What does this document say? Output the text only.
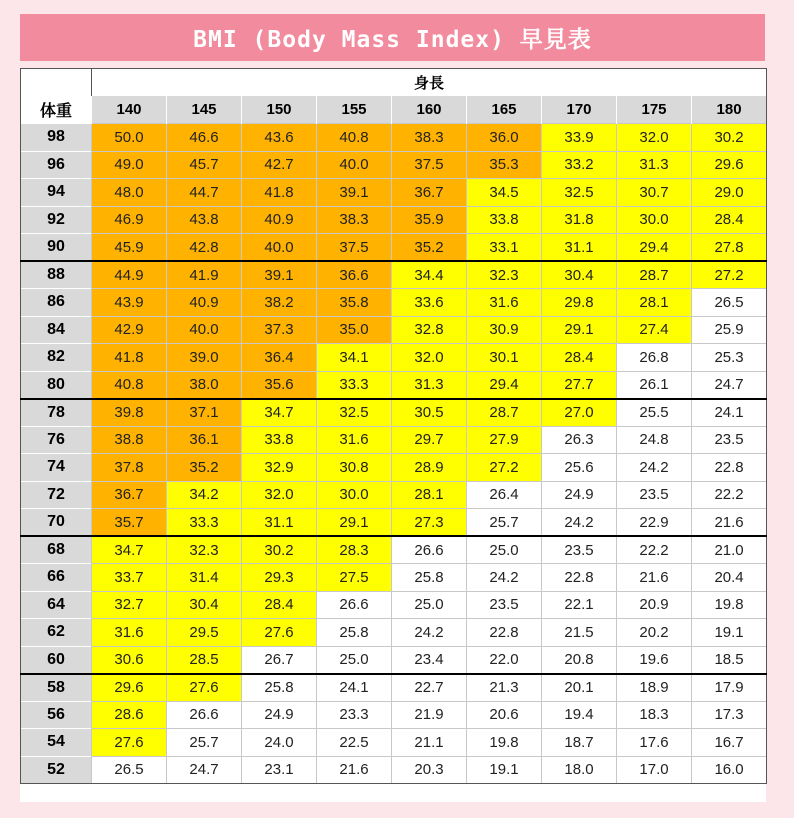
BMI (Body Mass Index) 早見表
	身長								
体重	140	145	150	155	160	165	170	175	180
98	50.0	46.6	43.6	40.8	38.3	36.0	33.9	32.0	30.2
96	49.0	45.7	42.7	40.0	37.5	35.3	33.2	31.3	29.6
94	48.0	44.7	41.8	39.1	36.7	34.5	32.5	30.7	29.0
92	46.9	43.8	40.9	38.3	35.9	33.8	31.8	30.0	28.4
90	45.9	42.8	40.0	37.5	35.2	33.1	31.1	29.4	27.8
88	44.9	41.9	39.1	36.6	34.4	32.3	30.4	28.7	27.2
86	43.9	40.9	38.2	35.8	33.6	31.6	29.8	28.1	26.5
84	42.9	40.0	37.3	35.0	32.8	30.9	29.1	27.4	25.9
82	41.8	39.0	36.4	34.1	32.0	30.1	28.4	26.8	25.3
80	40.8	38.0	35.6	33.3	31.3	29.4	27.7	26.1	24.7
78	39.8	37.1	34.7	32.5	30.5	28.7	27.0	25.5	24.1
76	38.8	36.1	33.8	31.6	29.7	27.9	26.3	24.8	23.5
74	37.8	35.2	32.9	30.8	28.9	27.2	25.6	24.2	22.8
72	36.7	34.2	32.0	30.0	28.1	26.4	24.9	23.5	22.2
70	35.7	33.3	31.1	29.1	27.3	25.7	24.2	22.9	21.6
68	34.7	32.3	30.2	28.3	26.6	25.0	23.5	22.2	21.0
66	33.7	31.4	29.3	27.5	25.8	24.2	22.8	21.6	20.4
64	32.7	30.4	28.4	26.6	25.0	23.5	22.1	20.9	19.8
62	31.6	29.5	27.6	25.8	24.2	22.8	21.5	20.2	19.1
60	30.6	28.5	26.7	25.0	23.4	22.0	20.8	19.6	18.5
58	29.6	27.6	25.8	24.1	22.7	21.3	20.1	18.9	17.9
56	28.6	26.6	24.9	23.3	21.9	20.6	19.4	18.3	17.3
54	27.6	25.7	24.0	22.5	21.1	19.8	18.7	17.6	16.7
52	26.5	24.7	23.1	21.6	20.3	19.1	18.0	17.0	16.0
